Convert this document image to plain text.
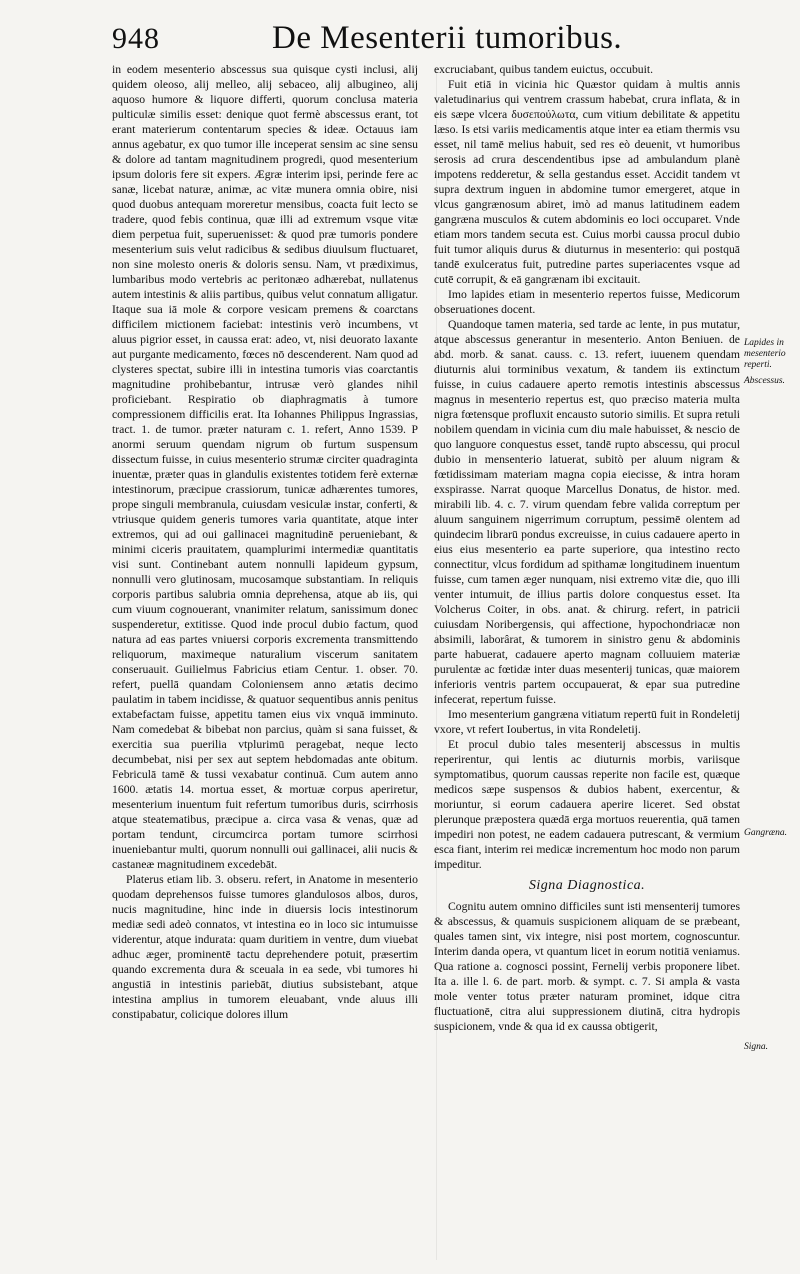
948	De Mesenterii tumoribus.

in eodem mesenterio abscessus sua quisque cysti inclusi, alij quidem oleoso, alij melleo, alij sebaceo, alij albugineo, alij aquoso humore & liquore differti, quorum conclusa materia pulticulæ similis esset: denique quot fermè abscessus erant, tot erant materierum contentarum species & ideæ. Octauus iam annus agebatur, ex quo tumor ille inceperat sensim ac sine sensu & dolore ad tantam magnitudinem progredi, quod mesenterium ipsum doloris fere sit expers. Ægræ interim ipsi, perinde fere ac sanæ, licebat naturæ, animæ, ac vitæ munera omnia obire, nisi quod duobus antequam moreretur mensibus, coacta fuit lecto se tradere, quod febis continua, quæ illi ad extremum vsque vitæ diem perpetua fuit, superuenisset: & quod præ tumoris pondere mesenterium suis velut radicibus & sedibus diuulsum fluctuaret, non sine molesto oneris & doloris sensu. Nam, vt prædiximus, lumbaribus modo vertebris ac peritonæo adhærebat, nullatenus autem intestinis & aliis partibus, quibus velut connatum alligatur. Itaque sua iā mole & corpore vesicam premens & coarctans difficilem mictionem faciebat: intestinis verò incumbens, vt aluus pigrior esset, in caussa erat: adeo, vt, nisi deuorato laxante aut purgante medicamento, fœces nō descenderent. Nam quod ad clysteres spectat, subire illi in intestina tumoris vias coarctantis magnitudine prohibebantur, intrusæ verò glandes nihil proficiebant. Respiratio ob diaphragmatis à tumore compressionem difficilis erat. Ita Iohannes Philippus Ingrassias, tract. 1. de tumor. præter naturam c. 1. refert, Anno 1539. P anormi seruum quendam nigrum ob furtum suspensum dissectum fuisse, in cuius mesenterio strumæ circiter quadraginta inuentæ, præter quas in glandulis existentes totidem ferè externæ intestinorum, præcipue crassiorum, tunicæ adhærentes tumores, prope singuli membranula, cuiusdam vesiculæ instar, conferti, & vtriusque quidem generis tumores varia quantitate, atque inter extremos, qui ad oui gallinacei magnitudinē perueniebant, & minimi ciceris prauitatem, quamplurimi intermediæ quantitatis visi sunt. Continebant autem nonnulli lapideum gypsum, nonnulli vero glutinosam, mucosamque substantiam. In reliquis corporis partibus salubria omnia deprehensa, atque ab iis, qui cum viuum cognouerant, vnanimiter relatum, sanissimum donec suspenderetur, extitisse. Quod inde procul dubio factum, quod natura ad eas partes vniuersi corporis excrementa transmittendo reliquorum, maximeque naturalium viscerum sanitatem conseruauit. Guilielmus Fabricius etiam Centur. 1. obser. 70. refert, puellā quandam Coloniensem anno ætatis decimo paulatim in tabem incidisse, & quatuor sequentibus annis penitus extabefactam fuisse, appetitu tamen eius vix vnquā imminuto. Nam comedebat & bibebat non parcius, quàm si sana fuisset, & exercitia sua puerilia vtplurimū peragebat, neque lecto decumbebat, nisi per sex aut septem hebdomadas ante obitum. Febriculā tamē & tussi vexabatur continuā. Cum autem anno 1600. ætatis 14. mortua esset, & mortuæ corpus aperiretur, mesenterium inuentum fuit refertum tumoribus duris, scirrhosis atque steatematibus, præcipue a. circa vasa & venas, quæ ad portam tendunt, circumcirca portam tumore scirrhosi inueniebantur multi, quorum nonnulli oui gallinacei, alii nucis & castaneæ magnitudinem excedebāt.

Platerus etiam lib. 3. obseru. refert, in Anatome in mesenterio quodam deprehensos fuisse tumores glandulosos albos, duros, nucis magnitudine, hinc inde in diuersis locis intestinorum mediæ sedi adeò connatos, vt intestina eo in loco sic intumuisse viderentur, atque indurata: quam duritiem in ventre, dum viuebat adhuc æger, prominentē tactu deprehendere potuit, præsertim quando excrementa dura & sceuala in ea sede, vbi tumores hi angustiā in intestinis pariebāt, diutius subsistebant, atque intestina amplius in tumorem eleuabant, vnde aluus illi constipabatur, colicique dolores illum

excruciabant, quibus tandem euictus, occubuit.

Fuit etiā in vicinia hic Quæstor quidam à multis annis valetudinarius qui ventrem crassum habebat, crura inflata, & in eis sæpe vlcera δυσεπούλωτα, cum vitium debilitate & appetitu læso. Is etsi variis medicamentis atque inter ea etiam thermis vsu esset, nil tamē melius habuit, sed res eò deuenit, vt humoribus serosis ad crura descendentibus ipse ad ambulandum planè impotens redderetur, & sella gestandus esset. Accidit tandem vt supra dextrum inguen in abdomine tumor emergeret, atque in vlcus gangrænosum abiret, imò ad manus latitudinem eadem gangræna musculos & cutem abdominis eo loci occuparet. Vnde etiam mors tandem secuta est. Cuius morbi caussa procul dubio fuit tumor aliquis durus & diuturnus in mesenterio: qui postquā tandē exulceratus fuit, putredine partes superiacentes vsque ad cutē corrupit, & eā gangrænam ibi excitauit.

Imo lapides etiam in mesenterio repertos fuisse, Medicorum obseruationes docent.

Quandoque tamen materia, sed tarde ac lente, in pus mutatur, atque abscessus generantur in mesenterio. Anton Beniuen. de abd. morb. & sanat. causs. c. 13. refert, iuuenem quendam diuturnis alui torminibus vexatum, & tandem iis extinctum fuisse, in cuius cadauere aperto remotis intestinis abscessus magnus in mesenterio repertus est, quo præciso materia multa nigra fœtensque profluxit encausto sutorio similis. Et supra retuli nobilem quendam in vicinia cum diu male habuisset, & nescio de quo languore conquestus esset, tandē rupto abscessu, qui procul dubio in mensenterio latuerat, subitò per aluum nigram & fœtidissimam materiam magna copia eiecisse, & intra horam exspirasse. Narrat quoque Marcellus Donatus, de histor. med. mirabili lib. 4. c. 7. virum quendam febre valida correptum per aluum sanguinem nigerrimum corruptum, pessimē olentem ad quindecim librarū pondus excreuisse, in cuius cadauere aperto in eius eius mesenterio ea parte superiore, qua intestino recto connectitur, vlcus fordidum ad spithamæ longitudinem inuentum fuisse, cum tamen æger nunquam, nisi extremo vitæ die, quo illi venter intumuit, de illius partis dolore conquestus esset. Ita Volcherus Coiter, in obs. anat. & chirurg. refert, in patricii cuiusdam Noribergensis, qui affectione, hypochondriacæ non absimili, laborârat, & tumorem in sinistro genu & abdominis parte habuerat, cadauere aperto magnam colluuiem materiæ purulentæ ac fœtidæ inter duas mesenterij tunicas, quæ maiorem inferioris ventris partem occupauerat, & epar sua putredine infecerat, repertum fuisse.

Imo mesenterium gangræna vitiatum repertū fuit in Rondeletij vxore, vt refert Ioubertus, in vita Rondeletij.

Et procul dubio tales mesenterij abscessus in multis reperirentur, qui lentis ac diuturnis morbis, variisque symptomatibus, quorum caussas reperite non facile est, quæque medicos sæpe suspensos & dubios habent, exercentur, & moriuntur, si eorum cadauera aperire liceret. Sed obstat plerunque præpostera quædā erga mortuos reuerentia, quā tamen impediri non potest, ne eadem cadauera putrescant, & vermium esca fiant, interim rei medicæ incrementum hoc modo non parum impeditur.

Signa Diagnostica.

Cognitu autem omnino difficiles sunt isti mensenterij tumores & abscessus, & quamuis suspicionem aliquam de se præbeant, quales tamen sint, vix integre, nisi post mortem, cognoscuntur. Interim danda opera, vt quantum licet in eorum notitiā veniamus. Qua ratione a. cognosci possint, Fernelij verbis proponere libet. Ita a. ille l. 6. de part. morb. & sympt. c. 7. Si ampla & vasta mole venter totus præter naturam prominet, idque citra fluctuationē, citra alui suppressionem diutinā, citra hydropis suspicionem, vnde & qua id ex caussa obtigerit,

Lapides in mesenterio reperti.
Abscessus.
Gangræna.
Signa.
